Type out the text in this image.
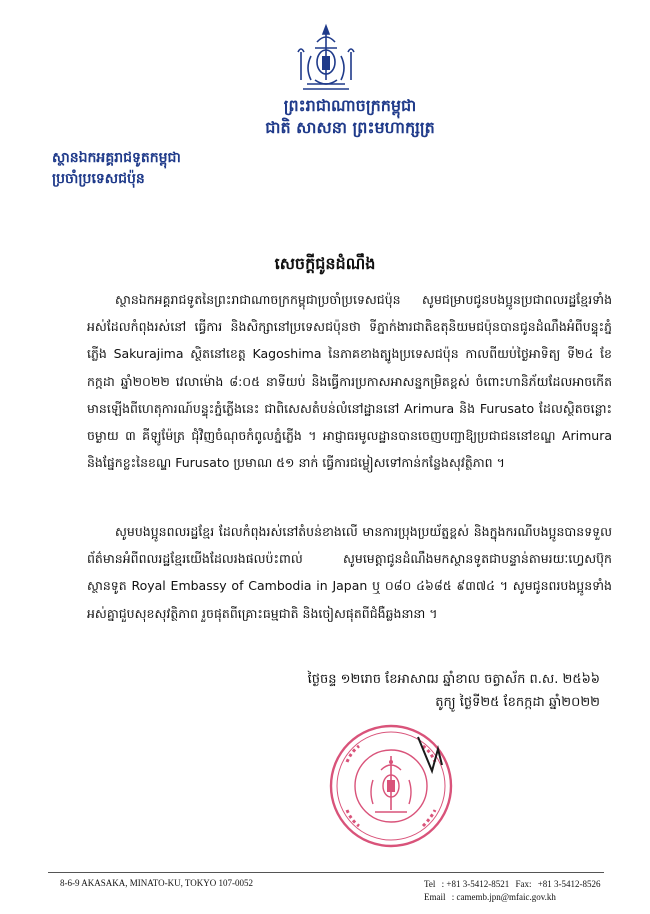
ព្រះរាជាណាចក្រកម្ពុជា
ជាតិ សាសនា ព្រះមហាក្សត្រ
ស្ថានឯកអគ្គរាជទូតកម្ពុជា
ប្រចាំប្រទេសជប៉ុន
សេចក្ដីជូនដំណឹង
ស្ថានឯកអគ្គរាជទូតនៃព្រះរាជាណាចក្រកម្ពុជាប្រចាំប្រទេសជប៉ុន សូមជម្រាបជូនបងប្អូនប្រជាពលរដ្ឋខ្មែរទាំងអស់ដែលកំពុងរស់នៅ ធ្វើការ និងសិក្សានៅប្រទេសជប៉ុនថា ទីភ្នាក់ងារជាតិឧតុនិយមជប៉ុនបានជូនដំណឹងអំពីបន្ទុះភ្នំភ្លើង Sakurajima ស្ថិតនៅខេត្ត Kagoshima នៃភាគខាងត្បូងប្រទេសជប៉ុន កាលពីយប់ថ្ងៃអាទិត្យ ទី២៤ ខែកក្កដា ឆ្នាំ២០២២ វេលាម៉ោង ៨:០៥ នាទីយប់ និងធ្វើការប្រកាសអាសន្នកម្រិតខ្ពស់ ចំពោះហានិភ័យដែលអាចកើតមានឡើងពីហេតុការណ៍បន្ទុះភ្នំភ្លើងនេះ ជាពិសេសតំបន់លំនៅដ្ឋាននៅ Arimura និង Furusato ដែលស្ថិតចន្លោះចម្ងាយ ៣ គីឡូម៉ែត្រ ជុំវិញចំណុចកំពូលភ្នំភ្លើង ។ អាជ្ញាធរមូលដ្ឋានបានចេញបញ្ជាឱ្យប្រជាជននៅខណ្ឌ Arimura និងផ្នែកខ្លះនៃខណ្ឌ Furusato ប្រមាណ ៥១ នាក់ ធ្វើការជម្លៀសទៅកាន់កន្លែងសុវត្ថិភាព ។
សូមបងប្អូនពលរដ្ឋខ្មែរ ដែលកំពុងរស់នៅតំបន់ខាងលើ មានការប្រុងប្រយ័ត្នខ្ពស់ និងក្នុងករណីបងប្អូនបានទទួលព័ត៌មានអំពីពលរដ្ឋខ្មែរយើងដែលរងផលប៉ះពាល់ សូមមេត្តាជូនដំណឹងមកស្ថានទូតជាបន្ទាន់តាមរយៈហ្វេសប៊ុកស្ថានទូត Royal Embassy of Cambodia in Japan ឬ ០៨០ ៤៦៨៥ ៩៣៧៤ ។ សូមជូនពរបងប្អូនទាំងអស់គ្នាជួបសុខសុវត្ថិភាព រួចផុតពីគ្រោះធម្មជាតិ និងចៀសផុតពីជំងឺឆ្លងនានា ។
ថ្ងៃចន្ទ ១២រោច ខែអាសាឍ ឆ្នាំខាល ចត្វាស័ក ព.ស. ២៥៦៦
តូក្យូ ថ្ងៃទី២៥ ខែកក្កដា ឆ្នាំ២០២២
8-6-9 AKASAKA, MINATO-KU, TOKYO 107-0052	Tel : +81 3-5412-8521 Fax: +81 3-5412-8526
Email : camemb.jpn@mfaic.gov.kh
